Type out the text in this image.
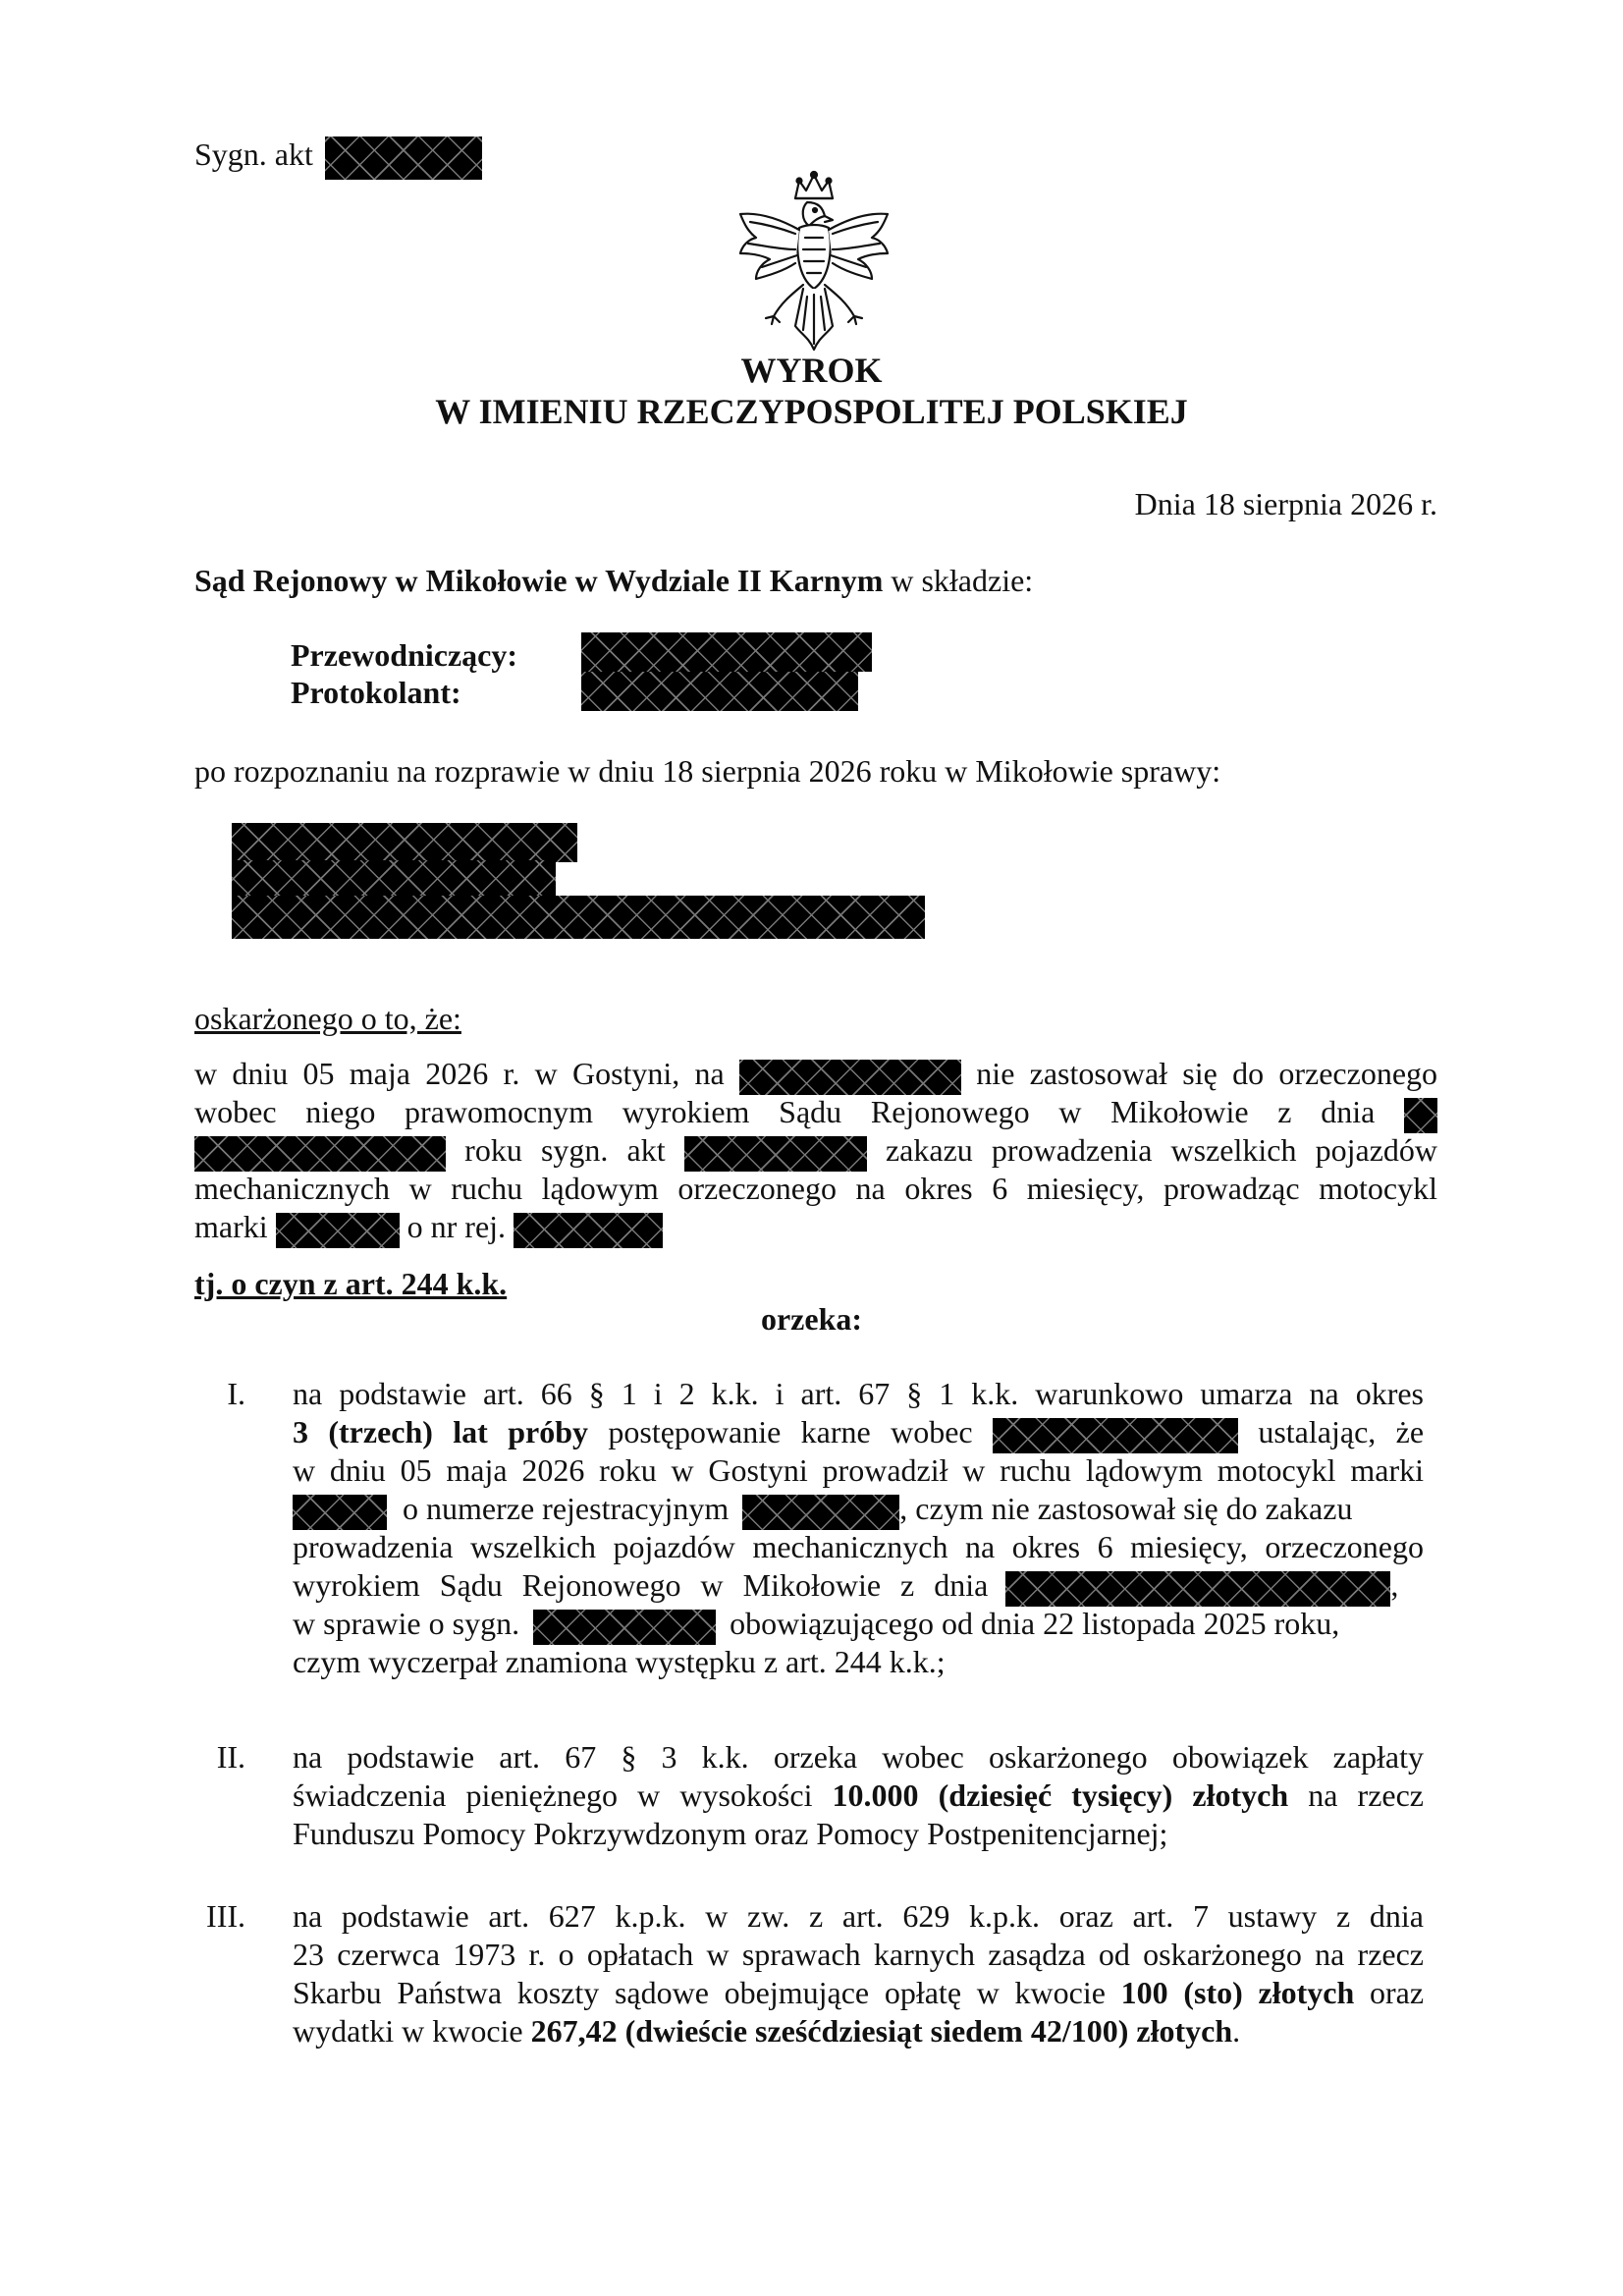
Sygn. akt
WYROK
W IMIENIU RZECZYPOSPOLITEJ POLSKIEJ
Dnia 18 sierpnia 2026 r.
Sąd Rejonowy w Mikołowie w Wydziale II Karnym w składzie:
Przewodniczący:
Protokolant:
po rozpoznaniu na rozprawie w dniu 18 sierpnia 2026 roku w Mikołowie sprawy:
oskarżonego o to, że:
w dniu 05 maja 2026 r. w Gostyni, na	nie zastosował się do orzeczonego
wobec niego prawomocnym wyrokiem Sądu Rejonowego w Mikołowie z dnia
roku sygn. akt	zakazu prowadzenia wszelkich pojazdów
mechanicznych w ruchu lądowym orzeczonego na okres 6 miesięcy, prowadząc motocykl
marki	o nr rej.
tj. o czyn z art. 244 k.k.
orzeka:
I. na podstawie art. 66 § 1 i 2 k.k. i art. 67 § 1 k.k. warunkowo umarza na okres
3 (trzech) lat próby postępowanie karne wobec	ustalając, że
w dniu 05 maja 2026 roku w Gostyni prowadził w ruchu lądowym motocykl marki
o numerze rejestracyjnym	, czym nie zastosował się do zakazu
prowadzenia wszelkich pojazdów mechanicznych na okres 6 miesięcy, orzeczonego
wyrokiem Sądu Rejonowego w Mikołowie z dnia	,
w sprawie o sygn.	obowiązującego od dnia 22 listopada 2025 roku,
czym wyczerpał znamiona występku z art. 244 k.k.;
II. na podstawie art. 67 § 3 k.k. orzeka wobec oskarżonego obowiązek zapłaty
świadczenia pieniężnego w wysokości 10.000 (dziesięć tysięcy) złotych na rzecz
Funduszu Pomocy Pokrzywdzonym oraz Pomocy Postpenitencjarnej;
III. na podstawie art. 627 k.p.k. w zw. z art. 629 k.p.k. oraz art. 7 ustawy z dnia
23 czerwca 1973 r. o opłatach w sprawach karnych zasądza od oskarżonego na rzecz
Skarbu Państwa koszty sądowe obejmujące opłatę w kwocie 100 (sto) złotych oraz
wydatki w kwocie 267,42 (dwieście sześćdziesiąt siedem 42/100) złotych.
